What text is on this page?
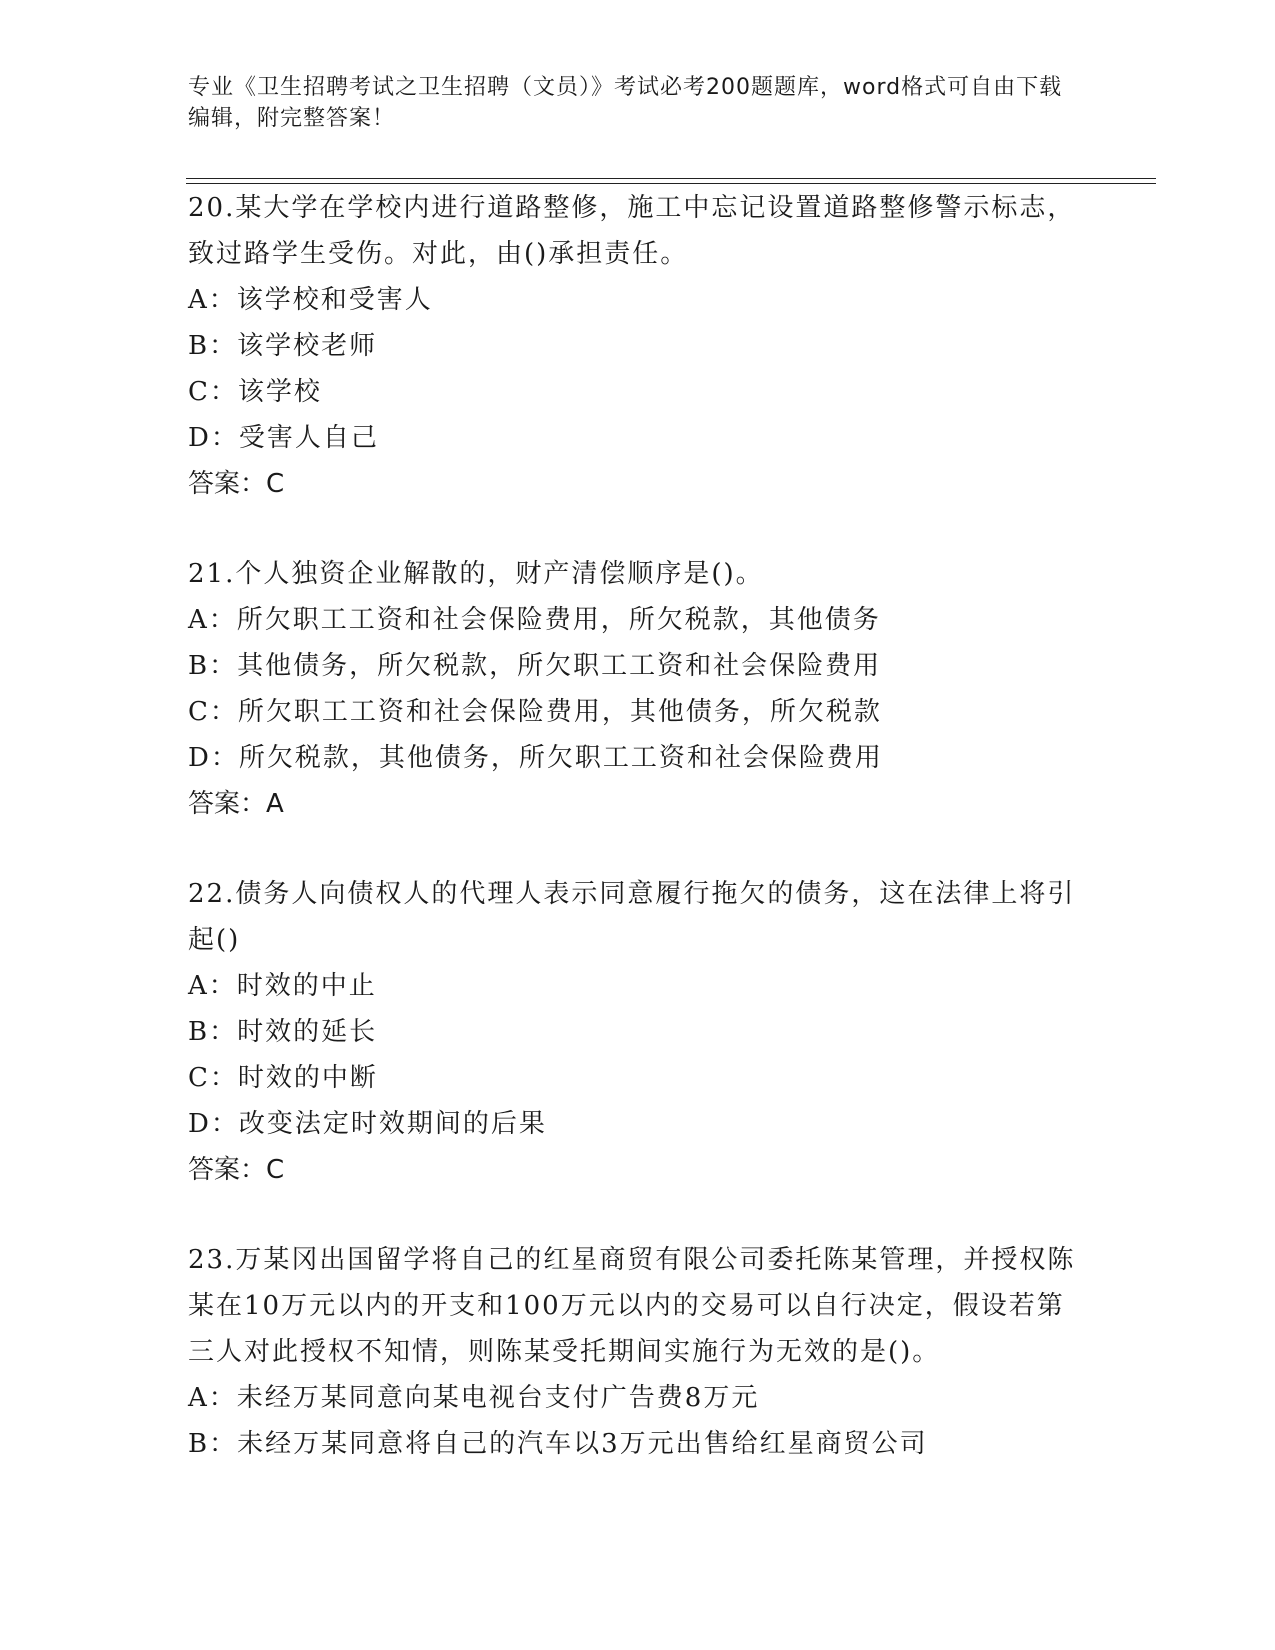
专业《卫生招聘考试之卫生招聘（文员）》考试必考200题题库，word格式可自由下载编辑，附完整答案！

20.某大学在学校内进行道路整修，施工中忘记设置道路整修警示标志，致过路学生受伤。对此，由()承担责任。

A：该学校和受害人

B：该学校老师

C：该学校

D：受害人自己

答案：C

21.个人独资企业解散的，财产清偿顺序是()。

A：所欠职工工资和社会保险费用，所欠税款，其他债务

B：其他债务，所欠税款，所欠职工工资和社会保险费用

C：所欠职工工资和社会保险费用，其他债务，所欠税款

D：所欠税款，其他债务，所欠职工工资和社会保险费用

答案：A

22.债务人向债权人的代理人表示同意履行拖欠的债务，这在法律上将引起()

A：时效的中止

B：时效的延长

C：时效的中断

D：改变法定时效期间的后果

答案：C

23.万某冈出国留学将自己的红星商贸有限公司委托陈某管理，并授权陈某在10万元以内的开支和100万元以内的交易可以自行决定，假设若第三人对此授权不知情，则陈某受托期间实施行为无效的是()。

A：未经万某同意向某电视台支付广告费8万元

B：未经万某同意将自己的汽车以3万元出售给红星商贸公司
